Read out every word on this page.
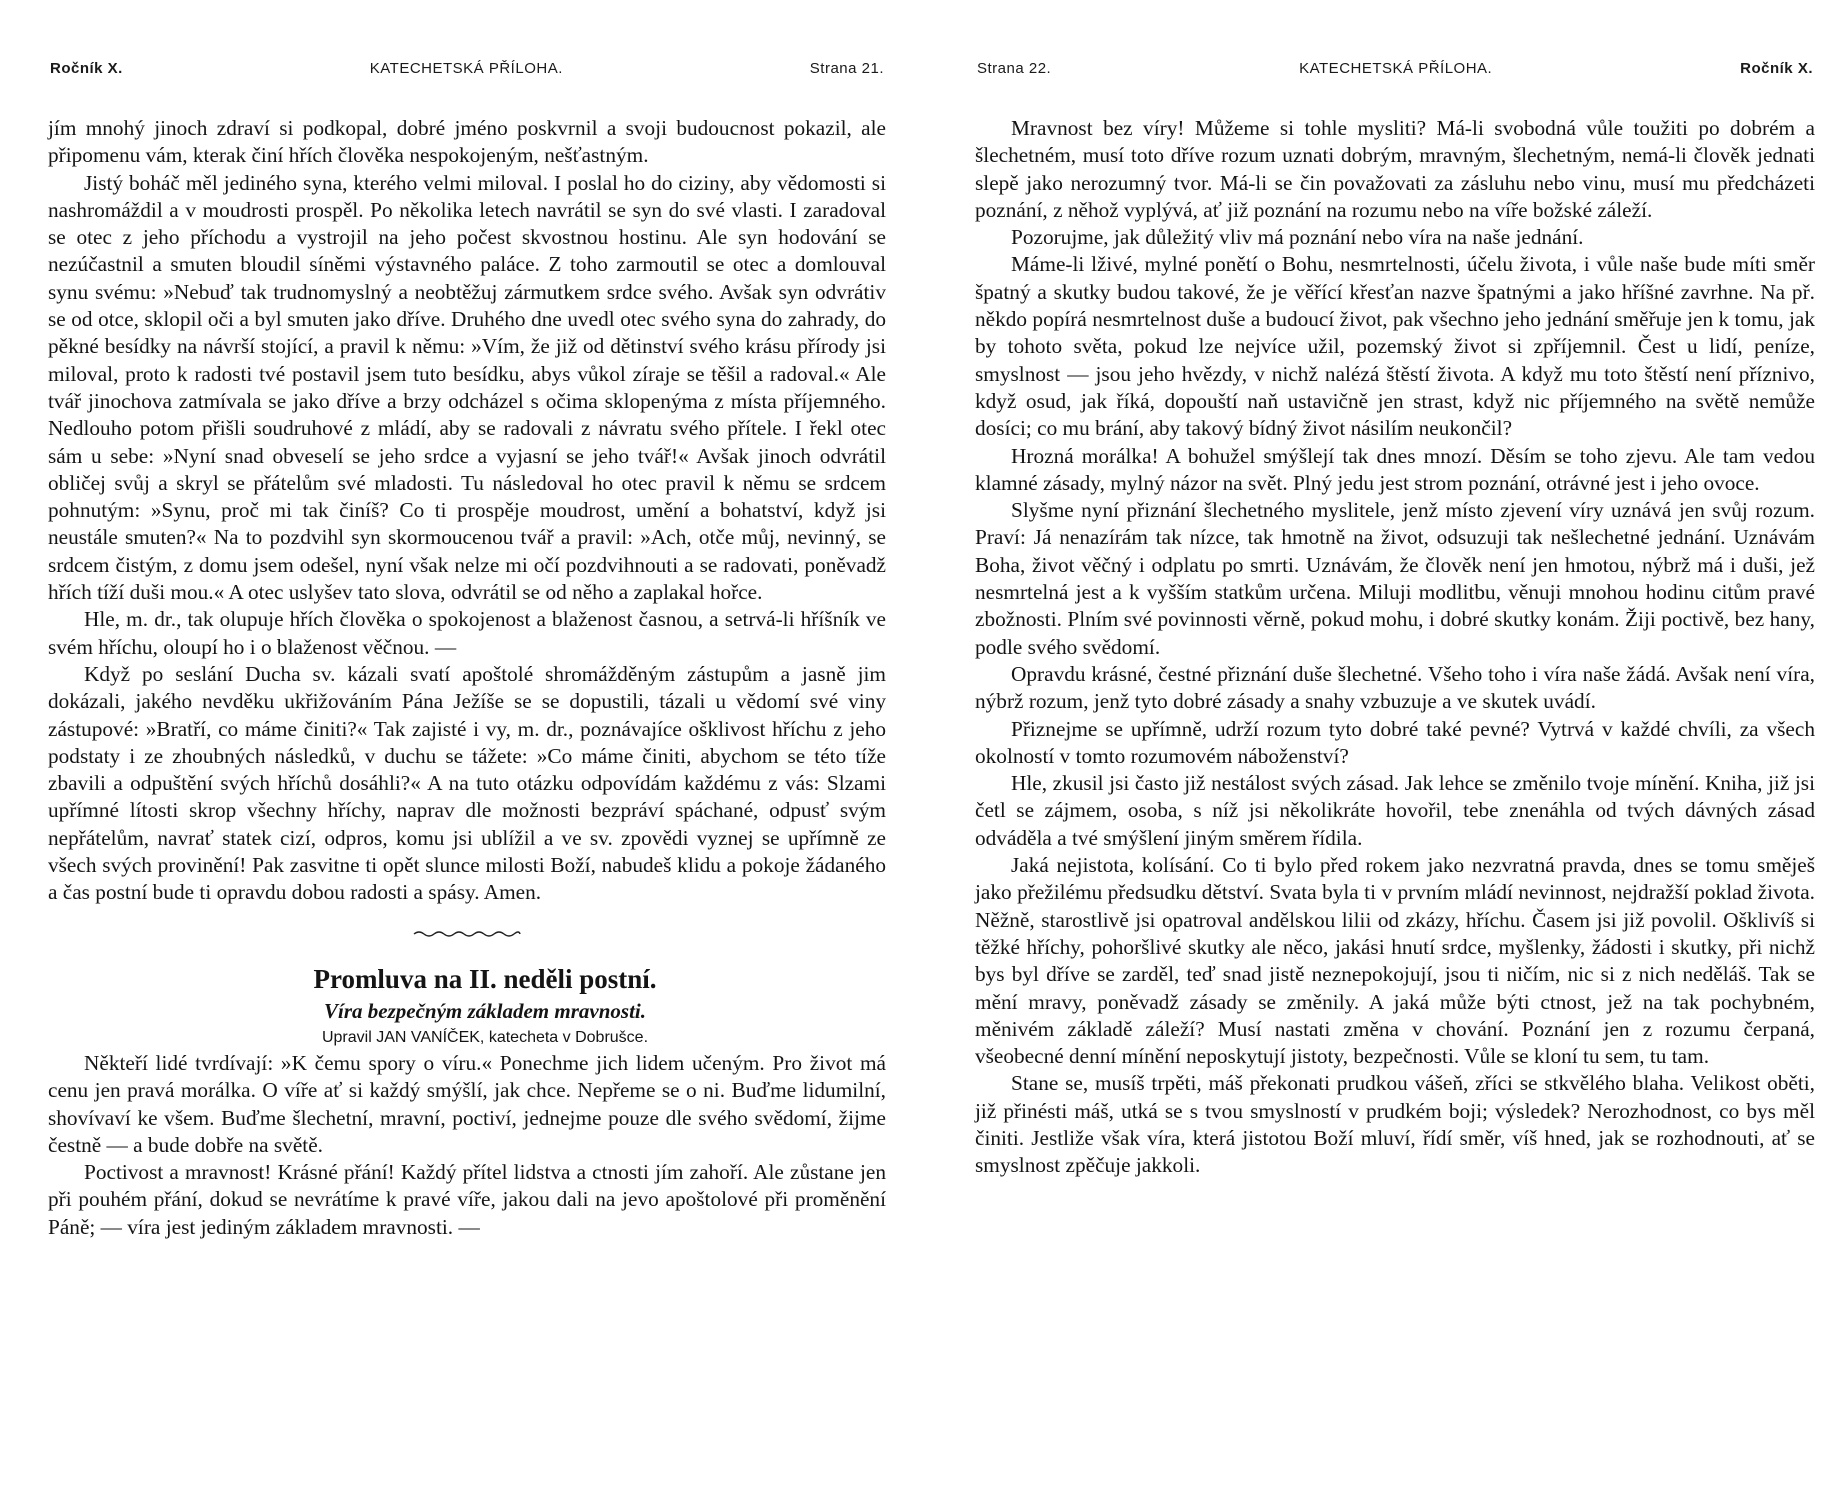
Ročník X.	KATECHETSKÁ PŘÍLOHA.	Strana 21.

jím mnohý jinoch zdraví si podkopal, dobré jméno poskvrnil a svoji budoucnost pokazil, ale připomenu vám, kterak činí hřích člověka nespokojeným, nešťastným.

Jistý boháč měl jediného syna, kterého velmi miloval. I poslal ho do ciziny, aby vědomosti si nashromáždil a v moudrosti prospěl. Po několika letech navrátil se syn do své vlasti. I zaradoval se otec z jeho příchodu a vystrojil na jeho počest skvostnou hostinu. Ale syn hodování se nezúčastnil a smuten bloudil síněmi výstavného paláce. Z toho zarmoutil se otec a domlouval synu svému: »Nebuď tak trudnomyslný a neobtěžuj zármutkem srdce svého. Avšak syn odvrátiv se od otce, sklopil oči a byl smuten jako dříve. Druhého dne uvedl otec svého syna do zahrady, do pěkné besídky na návrší stojící, a pravil k němu: »Vím, že již od dětinství svého krásu přírody jsi miloval, proto k radosti tvé postavil jsem tuto besídku, abys vůkol zíraje se těšil a radoval.« Ale tvář jinochova zatmívala se jako dříve a brzy odcházel s očima sklopenýma z místa příjemného. Nedlouho potom přišli soudruhové z mládí, aby se radovali z návratu svého přítele. I řekl otec sám u sebe: »Nyní snad obveselí se jeho srdce a vyjasní se jeho tvář!« Avšak jinoch odvrátil obličej svůj a skryl se přátelům své mladosti. Tu následoval ho otec pravil k němu se srdcem pohnutým: »Synu, proč mi tak činíš? Co ti prospěje moudrost, umění a bohatství, když jsi neustále smuten?« Na to pozdvihl syn skormoucenou tvář a pravil: »Ach, otče můj, nevinný, se srdcem čistým, z domu jsem odešel, nyní však nelze mi očí pozdvihnouti a se radovati, poněvadž hřích tíží duši mou.« A otec uslyšev tato slova, odvrátil se od něho a zaplakal hořce.

Hle, m. dr., tak olupuje hřích člověka o spokojenost a blaženost časnou, a setrvá-li hříšník ve svém hříchu, oloupí ho i o blaženost věčnou. —

Když po seslání Ducha sv. kázali svatí apoštolé shromážděným zástupům a jasně jim dokázali, jakého nevděku ukřižováním Pána Ježíše se se dopustili, tázali u vědomí své viny zástupové: »Bratří, co máme činiti?« Tak zajisté i vy, m. dr., poznávajíce ošklivost hříchu z jeho podstaty i ze zhoubných následků, v duchu se tážete: »Co máme činiti, abychom se této tíže zbavili a odpuštění svých hříchů dosáhli?« A na tuto otázku odpovídám každému z vás: Slzami upřímné lítosti skrop všechny hříchy, naprav dle možnosti bezpráví spáchané, odpusť svým nepřátelům, navrať statek cizí, odpros, komu jsi ublížil a ve sv. zpovědi vyznej se upřímně ze všech svých provinění! Pak zasvitne ti opět slunce milosti Boží, nabudeš klidu a pokoje žádaného a čas postní bude ti opravdu dobou radosti a spásy. Amen.

Promluva na II. neděli postní.

Víra bezpečným základem mravnosti.

Upravil JAN VANÍČEK, katecheta v Dobrušce.

Někteří lidé tvrdívají: »K čemu spory o víru.« Ponechme jich lidem učeným. Pro život má cenu jen pravá morálka. O víře ať si každý smýšlí, jak chce. Nepřeme se o ni. Buďme lidumilní, shovívaví ke všem. Buďme šlechetní, mravní, poctiví, jednejme pouze dle svého svědomí, žijme čestně — a bude dobře na světě.

Poctivost a mravnost! Krásné přání! Každý přítel lidstva a ctnosti jím zahoří. Ale zůstane jen při pouhém přání, dokud se nevrátíme k pravé víře, jakou dali na jevo apoštolové při proměnění Páně; — víra jest jediným základem mravnosti. —

Strana 22.	KATECHETSKÁ PŘÍLOHA.	Ročník X.

Mravnost bez víry! Můžeme si tohle mysliti? Má-li svobodná vůle toužiti po dobrém a šlechetném, musí toto dříve rozum uznati dobrým, mravným, šlechetným, nemá-li člověk jednati slepě jako nerozumný tvor. Má-li se čin považovati za zásluhu nebo vinu, musí mu předcházeti poznání, z něhož vyplývá, ať již poznání na rozumu nebo na víře božské záleží.

Pozorujme, jak důležitý vliv má poznání nebo víra na naše jednání.

Máme-li lživé, mylné ponětí o Bohu, nesmrtelnosti, účelu života, i vůle naše bude míti směr špatný a skutky budou takové, že je věřící křesťan nazve špatnými a jako hříšné zavrhne. Na př. někdo popírá nesmrtelnost duše a budoucí život, pak všechno jeho jednání směřuje jen k tomu, jak by tohoto světa, pokud lze nejvíce užil, pozemský život si zpříjemnil. Čest u lidí, peníze, smyslnost — jsou jeho hvězdy, v nichž nalézá štěstí života. A když mu toto štěstí není příznivo, když osud, jak říká, dopouští naň ustavičně jen strast, když nic příjemného na světě nemůže dosíci; co mu brání, aby takový bídný život násilím neukončil?

Hrozná morálka! A bohužel smýšlejí tak dnes mnozí. Děsím se toho zjevu. Ale tam vedou klamné zásady, mylný názor na svět. Plný jedu jest strom poznání, otrávné jest i jeho ovoce.

Slyšme nyní přiznání šlechetného myslitele, jenž místo zjevení víry uznává jen svůj rozum. Praví: Já nenazírám tak nízce, tak hmotně na život, odsuzuji tak nešlechetné jednání. Uznávám Boha, život věčný i odplatu po smrti. Uznávám, že člověk není jen hmotou, nýbrž má i duši, jež nesmrtelná jest a k vyšším statkům určena. Miluji modlitbu, věnuji mnohou hodinu citům pravé zbožnosti. Plním své povinnosti věrně, pokud mohu, i dobré skutky konám. Žiji poctivě, bez hany, podle svého svědomí.

Opravdu krásné, čestné přiznání duše šlechetné. Všeho toho i víra naše žádá. Avšak není víra, nýbrž rozum, jenž tyto dobré zásady a snahy vzbuzuje a ve skutek uvádí.

Přiznejme se upřímně, udrží rozum tyto dobré také pevné? Vytrvá v každé chvíli, za všech okolností v tomto rozumovém náboženství?

Hle, zkusil jsi často již nestálost svých zásad. Jak lehce se změnilo tvoje mínění. Kniha, již jsi četl se zájmem, osoba, s níž jsi několikráte hovořil, tebe znenáhla od tvých dávných zásad odváděla a tvé smýšlení jiným směrem řídila.

Jaká nejistota, kolísání. Co ti bylo před rokem jako nezvratná pravda, dnes se tomu směješ jako přežilému předsudku dětství. Svata byla ti v prvním mládí nevinnost, nejdražší poklad života. Něžně, starostlivě jsi opatroval andělskou lilii od zkázy, hříchu. Časem jsi již povolil. Ošklivíš si těžké hříchy, pohoršlivé skutky ale něco, jakási hnutí srdce, myšlenky, žádosti i skutky, při nichž bys byl dříve se zarděl, teď snad jistě neznepokojují, jsou ti ničím, nic si z nich neděláš. Tak se mění mravy, poněvadž zásady se změnily. A jaká může býti ctnost, jež na tak pochybném, měnivém základě záleží? Musí nastati změna v chování. Poznání jen z rozumu čerpaná, všeobecné denní mínění neposkytují jistoty, bezpečnosti. Vůle se kloní tu sem, tu tam.

Stane se, musíš trpěti, máš překonati prudkou vášeň, zříci se stkvělého blaha. Velikost oběti, již přinésti máš, utká se s tvou smyslností v prudkém boji; výsledek? Nerozhodnost, co bys měl činiti. Jestliže však víra, která jistotou Boží mluví, řídí směr, víš hned, jak se rozhodnouti, ať se smyslnost zpěčuje jakkoli.
